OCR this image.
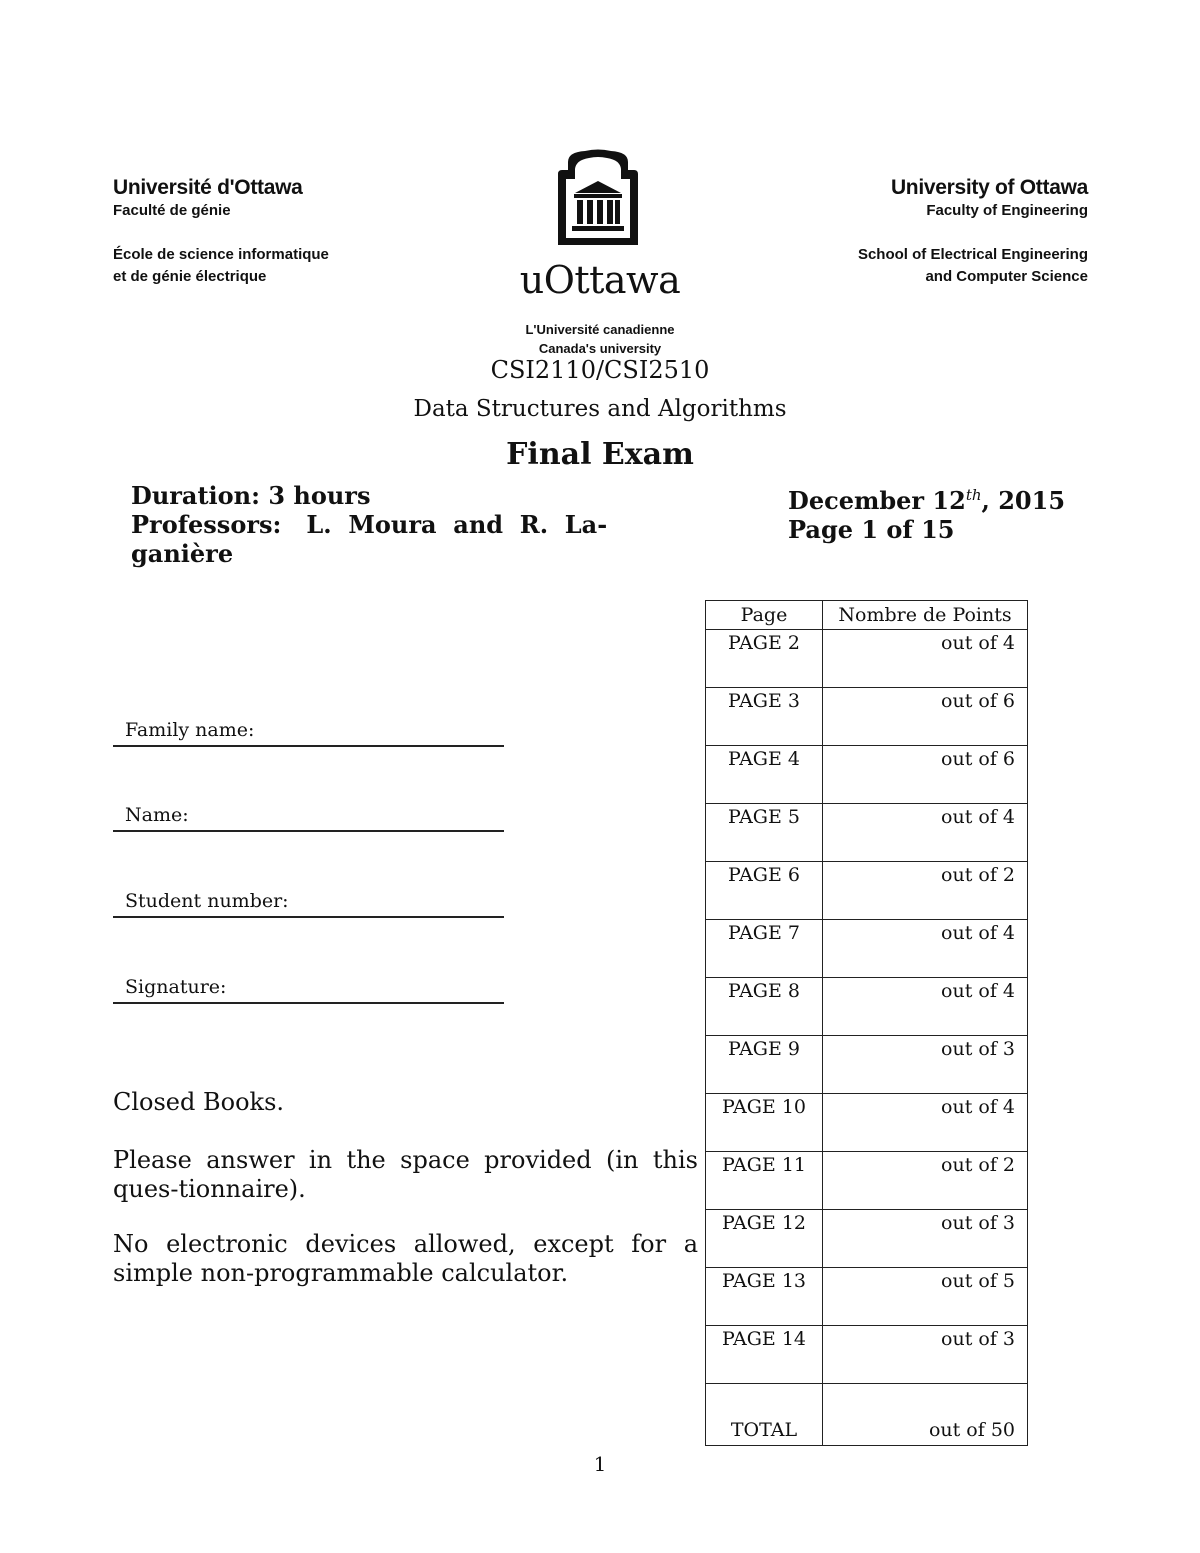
Université d'Ottawa
Faculté de génie
École de science informatique
et de génie électrique
University of Ottawa
Faculty of Engineering
School of Electrical Engineering
and Computer Science
uOttawa
L'Université canadienne
Canada's university
CSI2110/CSI2510
Data Structures and Algorithms
Final Exam
Duration: 3 hours
Professors:   L.  Moura  and  R.  La-
ganière
December 12th, 2015
Page 1 of 15
Family name:
Name:
Student number:
Signature:
Closed Books.
Please answer in the space provided (in this ques-tionnaire).
No electronic devices allowed, except for a simple non-programmable calculator.
Page	Nombre de Points
PAGE 2	out of 4
PAGE 3	out of 6
PAGE 4	out of 6
PAGE 5	out of 4
PAGE 6	out of 2
PAGE 7	out of 4
PAGE 8	out of 4
PAGE 9	out of 3
PAGE 10	out of 4
PAGE 11	out of 2
PAGE 12	out of 3
PAGE 13	out of 5
PAGE 14	out of 3
TOTAL	out of 50
1
